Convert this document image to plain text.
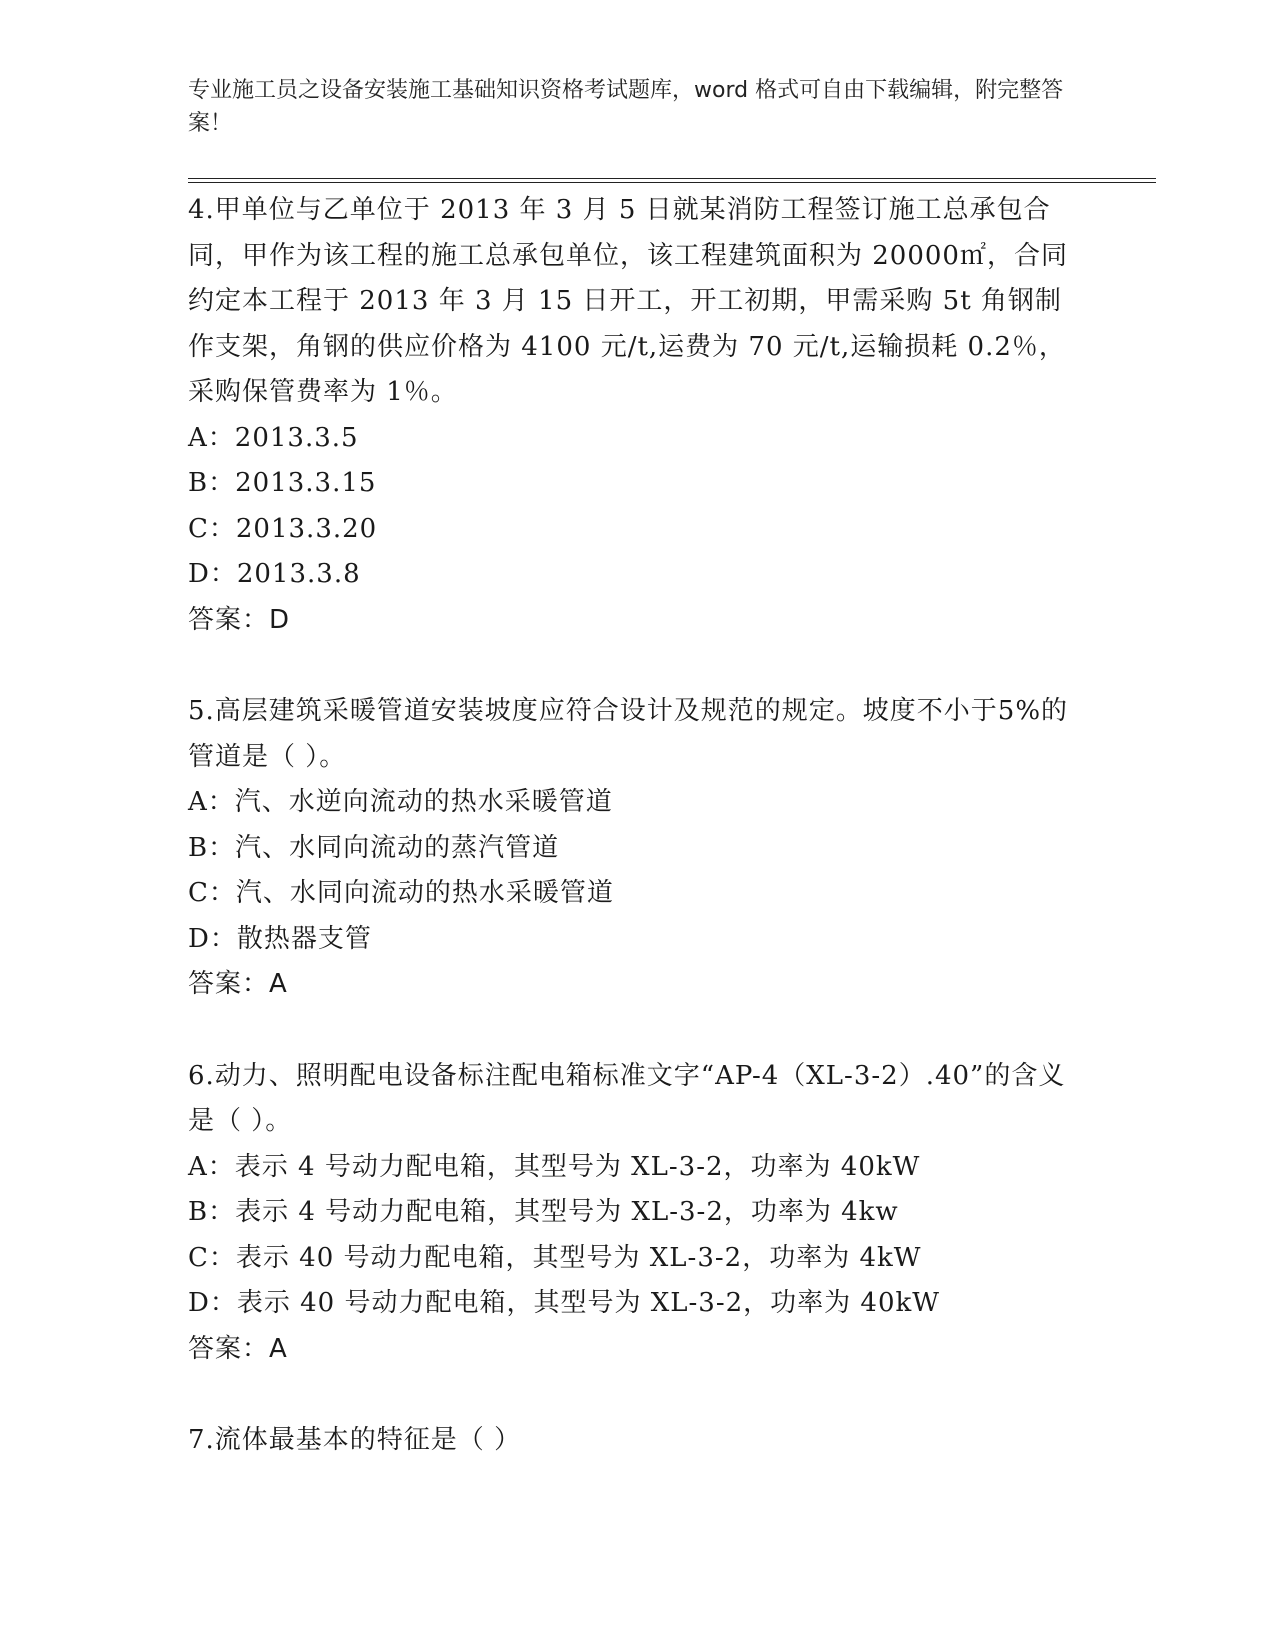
专业施工员之设备安装施工基础知识资格考试题库，word 格式可自由下载编辑，附完整答案！
4.甲单位与乙单位于 2013 年 3 月 5 日就某消防工程签订施工总承包合同，甲作为该工程的施工总承包单位，该工程建筑面积为 20000㎡，合同约定本工程于 2013 年 3 月 15 日开工，开工初期，甲需采购 5t 角钢制作支架，角钢的供应价格为 4100 元/t,运费为 70 元/t,运输损耗 0.2％，采购保管费率为 1％。
A：2013.3.5
B：2013.3.15
C：2013.3.20
D：2013.3.8
答案：D
5.高层建筑采暖管道安装坡度应符合设计及规范的规定。坡度不小于5%的管道是（ ）。
A：汽、水逆向流动的热水采暖管道
B：汽、水同向流动的蒸汽管道
C：汽、水同向流动的热水采暖管道
D：散热器支管
答案：A
6.动力、照明配电设备标注配电箱标准文字“AP-4（XL-3-2）.40”的含义是（ ）。
A：表示 4 号动力配电箱，其型号为 XL-3-2，功率为 40kW
B：表示 4 号动力配电箱，其型号为 XL-3-2，功率为 4kw
C：表示 40 号动力配电箱，其型号为 XL-3-2，功率为 4kW
D：表示 40 号动力配电箱，其型号为 XL-3-2，功率为 40kW
答案：A
7.流体最基本的特征是（ ）
